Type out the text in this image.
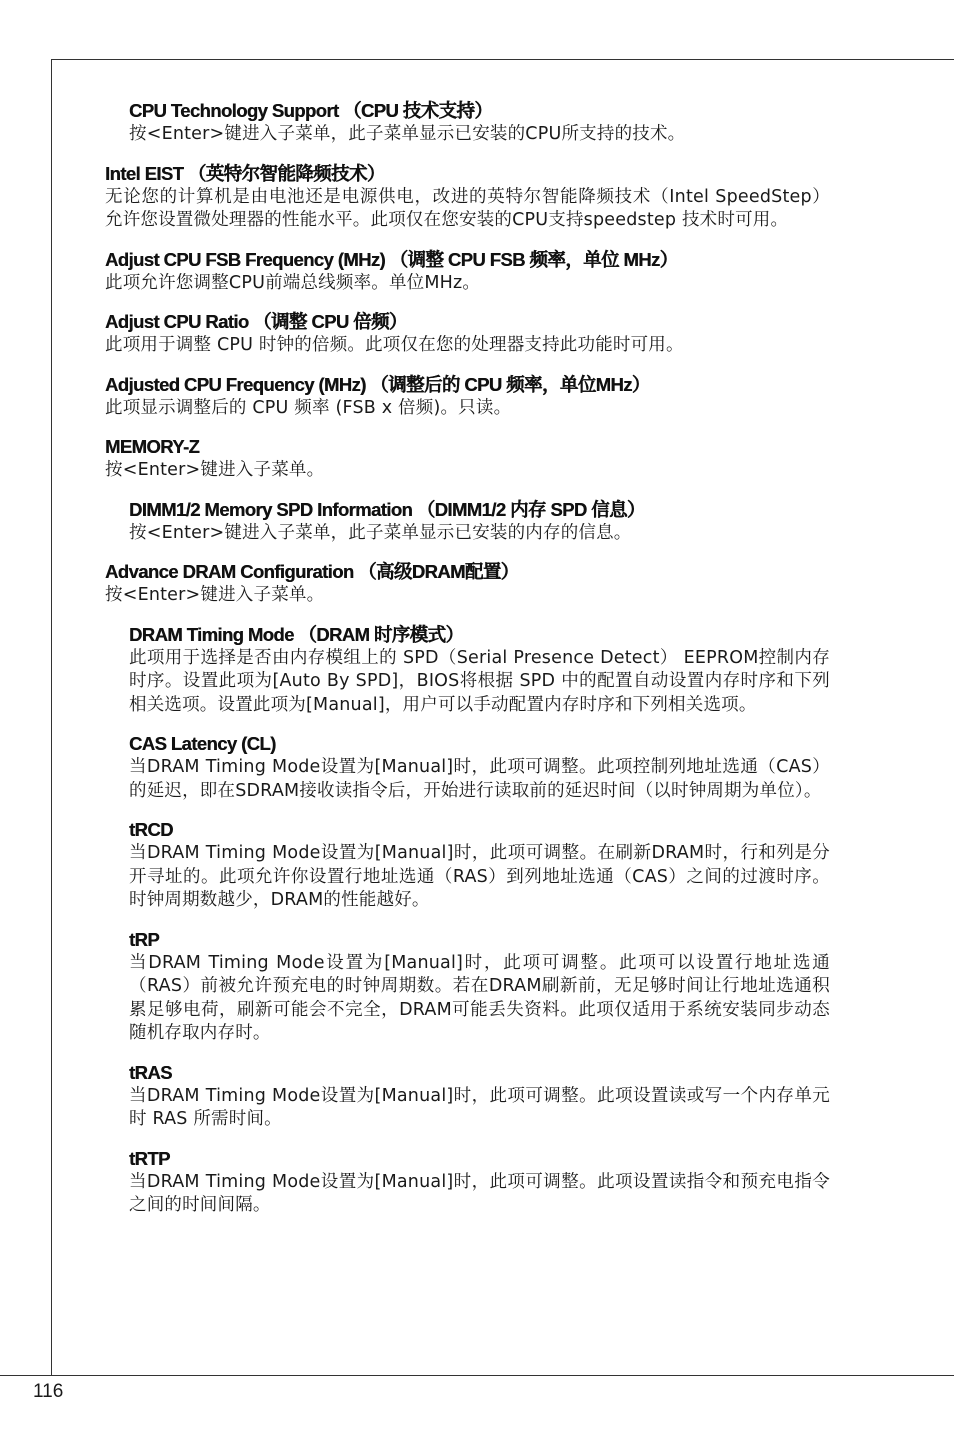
CPU Technology Support （CPU 技术支持）

按<Enter>键进入子菜单，此子菜单显示已安装的CPU所支持的技术。

Intel EIST （英特尔智能降频技术）

无论您的计算机是由电池还是电源供电，改进的英特尔智能降频技术（Intel SpeedStep）允许您设置微处理器的性能水平。此项仅在您安装的CPU支持speedstep 技术时可用。

Adjust CPU FSB Frequency (MHz) （调整 CPU FSB 频率，单位 MHz）

此项允许您调整CPU前端总线频率。单位MHz。

Adjust CPU Ratio （调整 CPU 倍频）

此项用于调整 CPU 时钟的倍频。此项仅在您的处理器支持此功能时可用。

Adjusted CPU Frequency (MHz) （调整后的 CPU 频率，单位MHz）

此项显示调整后的 CPU 频率 (FSB x 倍频)。只读。

MEMORY-Z

按<Enter>键进入子菜单。

DIMM1/2 Memory SPD Information （DIMM1/2 内存 SPD 信息）

按<Enter>键进入子菜单，此子菜单显示已安装的内存的信息。

Advance DRAM Configuration （高级DRAM配置）

按<Enter>键进入子菜单。

DRAM Timing Mode （DRAM 时序模式）

此项用于选择是否由内存模组上的 SPD（Serial Presence Detect） EEPROM控制内存时序。设置此项为[Auto By SPD]，BIOS将根据 SPD 中的配置自动设置内存时序和下列相关选项。设置此项为[Manual]，用户可以手动配置内存时序和下列相关选项。

CAS Latency (CL)

当DRAM Timing Mode设置为[Manual]时，此项可调整。此项控制列地址选通（CAS）的延迟，即在SDRAM接收读指令后，开始进行读取前的延迟时间（以时钟周期为单位）。

tRCD

当DRAM Timing Mode设置为[Manual]时，此项可调整。在刷新DRAM时，行和列是分开寻址的。此项允许你设置行地址选通（RAS）到列地址选通（CAS）之间的过渡时序。时钟周期数越少，DRAM的性能越好。

tRP

当DRAM Timing Mode设置为[Manual]时，此项可调整。此项可以设置行地址选通（RAS）前被允许预充电的时钟周期数。若在DRAM刷新前，无足够时间让行地址选通积累足够电荷，刷新可能会不完全，DRAM可能丢失资料。此项仅适用于系统安装同步动态随机存取内存时。

tRAS

当DRAM Timing Mode设置为[Manual]时，此项可调整。此项设置读或写一个内存单元时 RAS 所需时间。

tRTP

当DRAM Timing Mode设置为[Manual]时，此项可调整。此项设置读指令和预充电指令之间的时间间隔。

116
